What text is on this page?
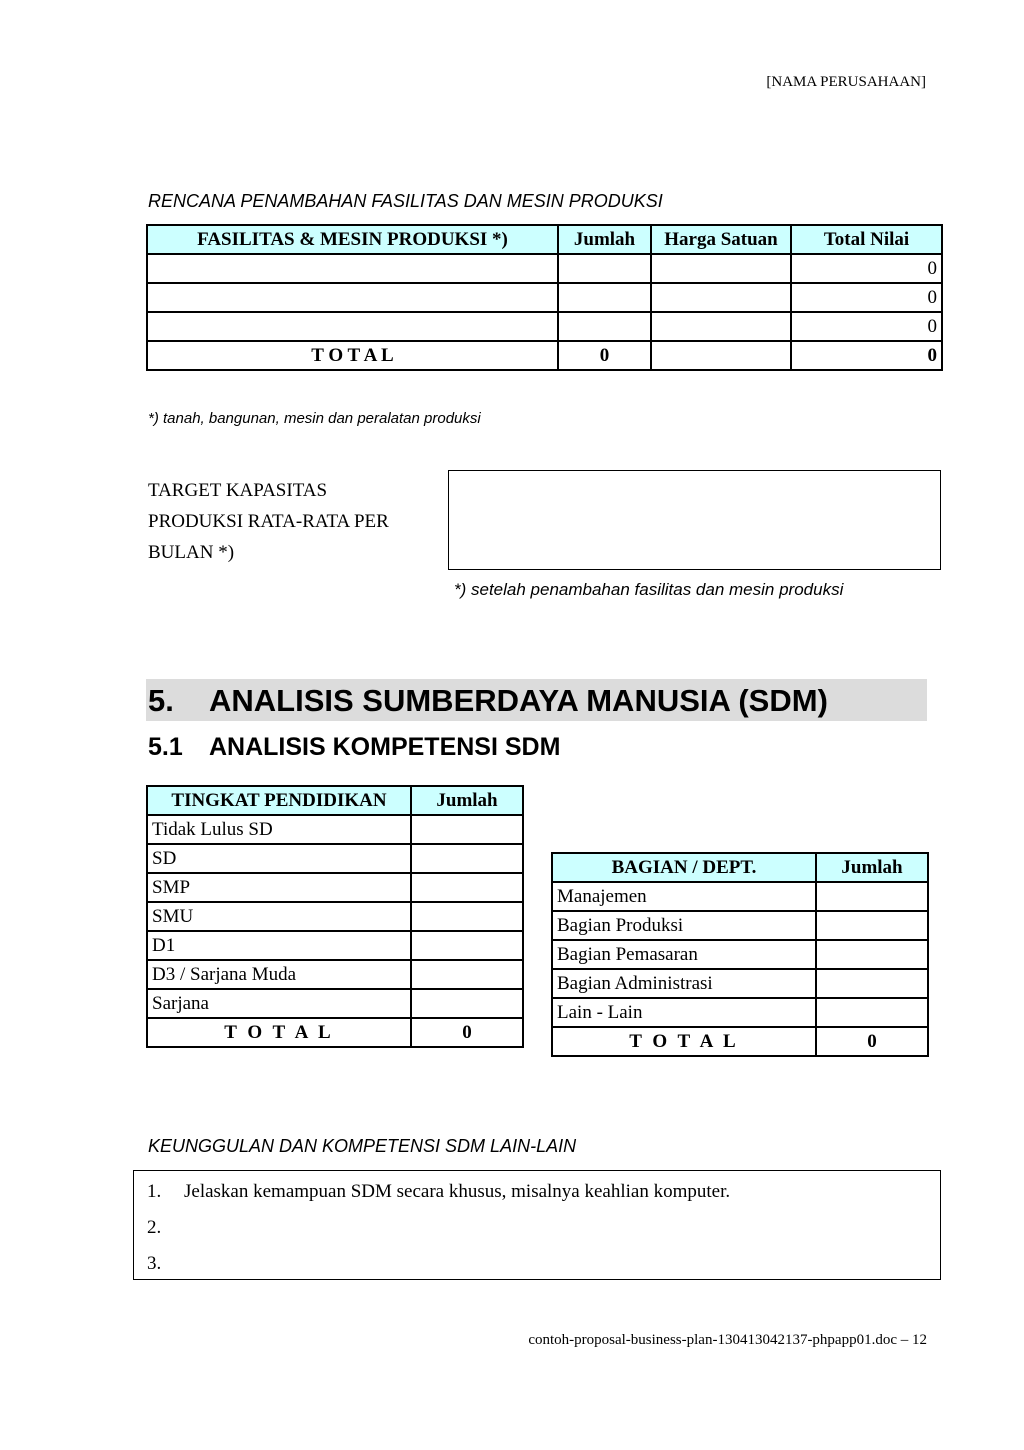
[NAMA PERUSAHAAN]
RENCANA PENAMBAHAN FASILITAS DAN MESIN PRODUKSI
FASILITAS & MESIN PRODUKSI *)	Jumlah	Harga Satuan	Total Nilai
			0
			0
			0
T O T A L	0		0
*) tanah, bangunan, mesin dan peralatan produksi
TARGET KAPASITAS
PRODUKSI RATA-RATA PER
BULAN *)
*) setelah penambahan fasilitas dan mesin produksi
5. ANALISIS SUMBERDAYA MANUSIA (SDM)
5.1 ANALISIS KOMPETENSI SDM
TINGKAT PENDIDIKAN	Jumlah
Tidak Lulus SD	
SD	
SMP	
SMU	
D1	
D3 / Sarjana Muda	
Sarjana	
T O T A L	0
BAGIAN / DEPT.	Jumlah
Manajemen	
Bagian Produksi	
Bagian Pemasaran	
Bagian Administrasi	
Lain - Lain	
T O T A L	0
KEUNGGULAN DAN KOMPETENSI SDM LAIN-LAIN
1. Jelaskan kemampuan SDM secara khusus, misalnya keahlian komputer.
2.
3.
contoh-proposal-business-plan-130413042137-phpapp01.doc – 12
